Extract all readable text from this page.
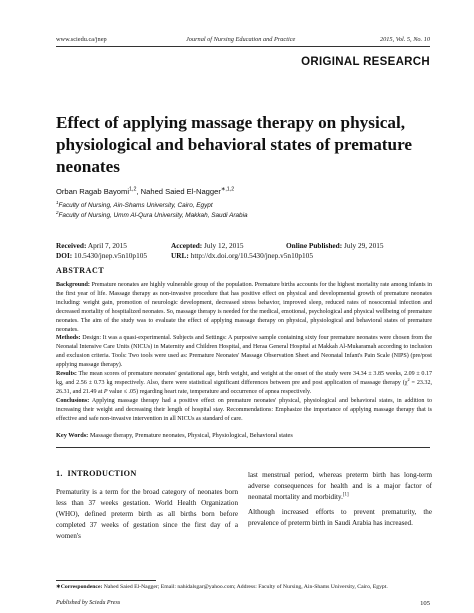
www.sciedu.ca/jnep	Journal of Nursing Education and Practice	2015, Vol. 5, No. 10
ORIGINAL RESEARCH
Effect of applying massage therapy on physical, physiological and behavioral states of premature neonates
Orban Ragab Bayomi$^{1,2}$, Nahed Saied El-Nagger$^{∗,1,2}$
$^1$Faculty of Nursing, Ain-Shams University, Cairo, Egypt
$^2$Faculty of Nursing, Umm Al-Qura University, Makkah, Saudi Arabia
Received: April 7, 2015	Accepted: July 12, 2015	Online Published: July 29, 2015
DOI: 10.5430/jnep.v5n10p105	URL: http://dx.doi.org/10.5430/jnep.v5n10p105
ABSTRACT

Background: Premature neonates are highly vulnerable group of the population. Premature births accounts for the highest mortality rate among infants in the first year of life. Massage therapy as non-invasive procedure that has positive effect on physical and developmental growth of premature neonates including: weight gain, promotion of neurologic development, decreased stress behavior, improved sleep, reduced rates of nosocomial infection and decreased mortality of hospitalized neonates. So, massage therapy is needed for the medical, emotional, psychological and physical wellbeing of premature neonates. The aim of the study was to evaluate the effect of applying massage therapy on physical, physiological and behavioral states of premature neonates.

Methods: Design: It was a quasi-experimental. Subjects and Settings: A purposive sample containing sixty four premature neonates were chosen from the Neonatal Intensive Care Units (NICUs) in Maternity and Children Hospital, and Heraa General Hospital at Makkah Al-Mukaramah according to inclusion and exclusion criteria. Tools: Two tools were used as: Premature Neonates' Massage Observation Sheet and Neonatal Infant's Pain Scale (NIPS) (pre/post applying massage therapy).

Results: The mean scores of premature neonates' gestational age, birth weight, and weight at the onset of the study were 34.34 ± 3.85 weeks, 2.09 ± 0.17 kg, and 2.56 ± 0.73 kg respectively. Also, there were statistical significant differences between pre and post application of massage therapy ($\chi^2 = 23.32$, 26.31, and 21.49 at P value ≤ .05) regarding heart rate, temperature and occurrence of apnea respectively.

Conclusions: Applying massage therapy had a positive effect on premature neonates' physical, physiological and behavioral states, in addition to increasing their weight and decreasing their length of hospital stay. Recommendations: Emphasize the importance of applying massage therapy that is effective and safe non-invasive intervention in all NICUs as standard of care.

Key Words: Massage therapy, Premature neonates, Physical, Physiological, Behavioral states
1. INTRODUCTION

Prematurity is a term for the broad category of neonates born less than 37 weeks gestation. World Health Organization (WHO), defined preterm birth as all births born before completed 37 weeks of gestation since the first day of a women's

last menstrual period, whereas preterm birth has long-term adverse consequences for health and is a major factor of neonatal mortality and morbidity.[1]

Although increased efforts to prevent prematurity, the prevalence of preterm birth in Saudi Arabia has increased.

∗Correspondence: Nahed Saied El-Nagger; Email: nahidalsgar@yahoo.com; Address: Faculty of Nursing, Ain-Shams University, Cairo, Egypt.
Published by Sciedu Press	105
